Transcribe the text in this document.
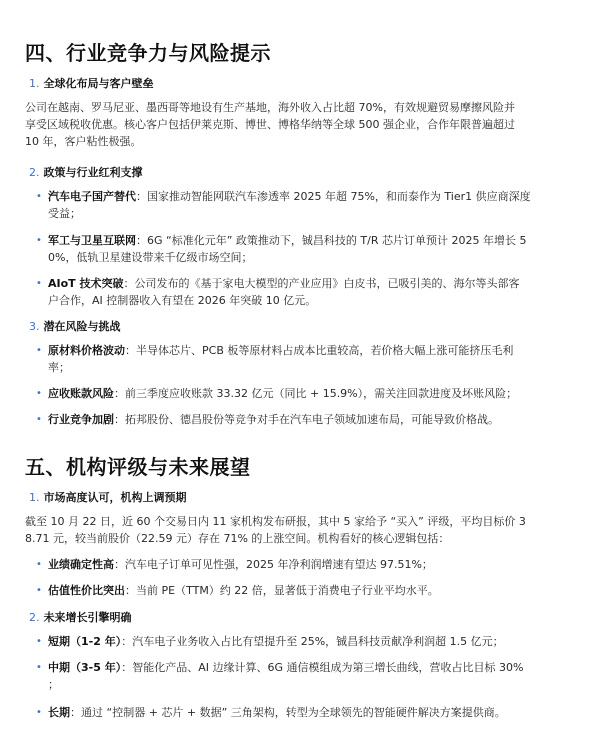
四、行业竞争力与风险提示
1. 全球化布局与客户壁垒
公司在越南、罗马尼亚、墨西哥等地设有生产基地，海外收入占比超 70%，有效规避贸易摩擦风险并
享受区域税收优惠。核心客户包括伊莱克斯、博世、博格华纳等全球 500 强企业，合作年限普遍超过
10 年，客户粘性极强。
2. 政策与行业红利支撑
• 汽车电子国产替代：国家推动智能网联汽车渗透率 2025 年超 75%，和而泰作为 Tier1 供应商深度
受益；
• 军工与卫星互联网：6G “标准化元年” 政策推动下，铖昌科技的 T/R 芯片订单预计 2025 年增长 5
0%，低轨卫星建设带来千亿级市场空间；
• AIoT 技术突破：公司发布的《基于家电大模型的产业应用》白皮书，已吸引美的、海尔等头部客
户合作，AI 控制器收入有望在 2026 年突破 10 亿元。
3. 潜在风险与挑战
• 原材料价格波动：半导体芯片、PCB 板等原材料占成本比重较高，若价格大幅上涨可能挤压毛利
率；
• 应收账款风险：前三季度应收账款 33.32 亿元（同比 + 15.9%），需关注回款进度及坏账风险；
• 行业竞争加剧：拓邦股份、德昌股份等竞争对手在汽车电子领域加速布局，可能导致价格战。
五、机构评级与未来展望
1. 市场高度认可，机构上调预期
截至 10 月 22 日，近 60 个交易日内 11 家机构发布研报，其中 5 家给予 “买入” 评级，平均目标价 3
8.71 元，较当前股价（22.59 元）存在 71% 的上涨空间。机构看好的核心逻辑包括：
• 业绩确定性高：汽车电子订单可见性强，2025 年净利润增速有望达 97.51%；
• 估值性价比突出：当前 PE（TTM）约 22 倍，显著低于消费电子行业平均水平。
2. 未来增长引擎明确
• 短期（1-2 年）：汽车电子业务收入占比有望提升至 25%，铖昌科技贡献净利润超 1.5 亿元；
• 中期（3-5 年）：智能化产品、AI 边缘计算、6G 通信模组成为第三增长曲线，营收占比目标 30%
；
• 长期：通过 “控制器 + 芯片 + 数据” 三角架构，转型为全球领先的智能硬件解决方案提供商。
